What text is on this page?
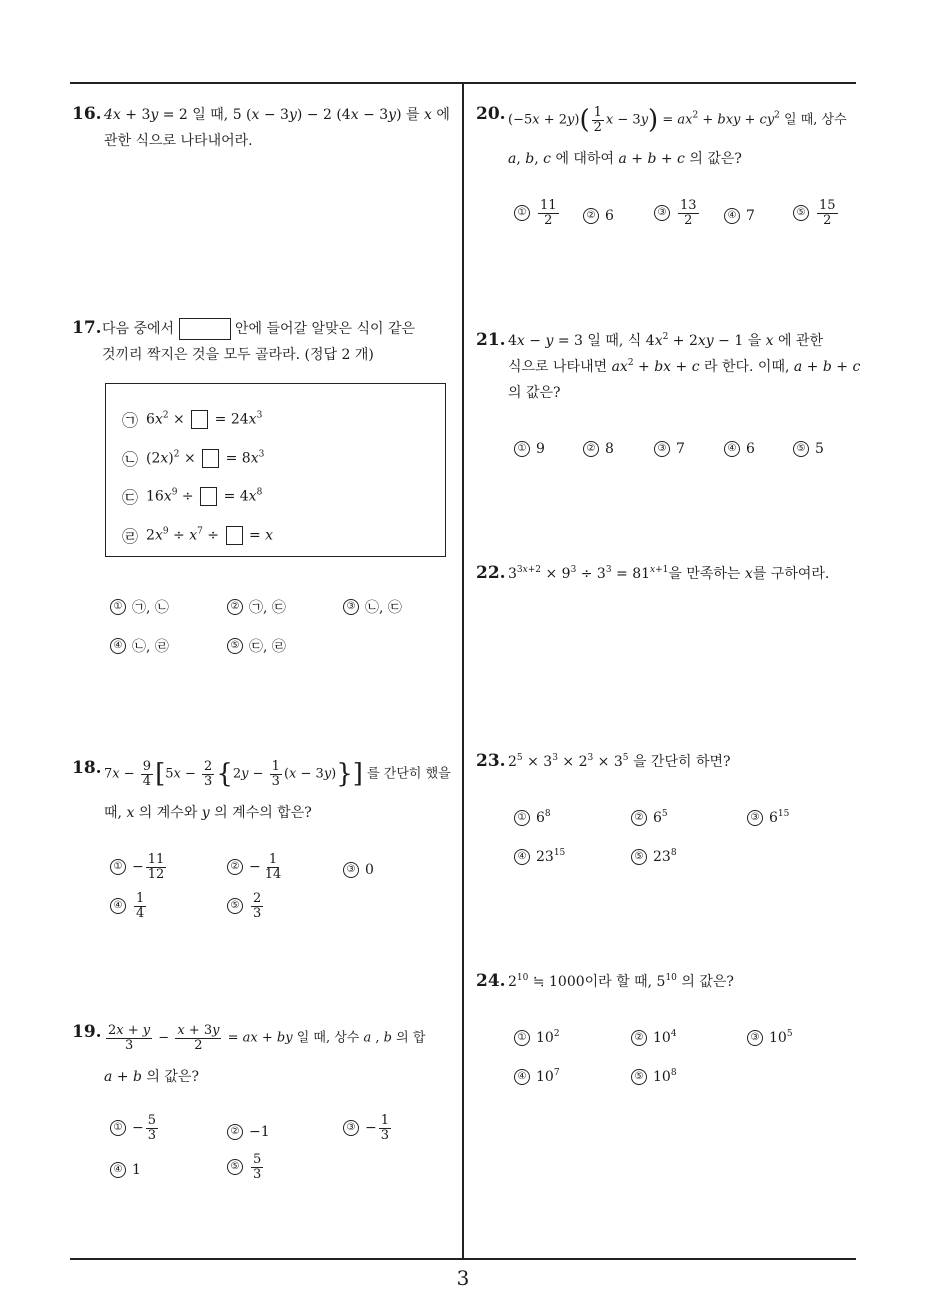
16. 4x + 3y = 2 일 때, 5 (x − 3y) − 2 (4x − 3y) 를 x 에
관한 식으로 나타내어라.
17. 다음 중에서	안에 들어갈 알맞은 식이 같은
것끼리 짝지은 것을 모두 골라라. (정답 2 개)
㉠ $6x^2$ ×  = $24x^3$
㉡ $(2x)^2$ ×  = $8x^3$
㉢ $16x^9$ ÷  = $4x^8$
㉣ $2x^9 \div x^7$ ÷  = x
① ㉠, ㉡	② ㉠, ㉢	③ ㉡, ㉢
④ ㉡, ㉣	⑤ ㉢, ㉣
18. $7x - \frac{9}{4} [5x - \frac{2}{3} \{2y - \frac{1}{3} (x - 3y)\}]$ 를 간단히 했을
때, x 의 계수와 y 의 계수의 합은?
① − $\frac{11}{12}$	② − $\frac{1}{14}$	③ 0
④ $\frac{1}{4}$	⑤ $\frac{2}{3}$
19. $\frac{2x + y}{3} - \frac{x + 3y}{2}$ = ax + by 일 때, 상수 a , b 의 합
a + b 의 값은?
① − $\frac{5}{3}$	② −1	③ − $\frac{1}{3}$
④ 1	⑤ $\frac{5}{3}$
20. $(-5x + 2y)( \frac{1}{2}$ $x - 3y) = ax^2$ + bxy + $cy^2$ 일 때, 상수
a, b, c 에 대하여 a + b + c 의 값은?
① $\frac{11}{2}$	② 6	③ $\frac{13}{2}$	④ 7	⑤ $\frac{15}{2}$
21. 4x − y = 3 일 때, 식 $4x^2 + 2xy - 1$ 을 x 에 관한
식으로 나타내면 $ax^2$ + bx + c 라 한다. 이때, a + b + c
의 값은?
① 9	② 8	③ 7	④ 6	⑤ 5
22. $3^{3x+2} \times 9^3 \div 3^3 = 81^{x+1}$을 만족하는 x를 구하여라.
23. $2^5 \times 3^3 \times 2^3 \times 3^5$ 을 간단히 하면?
① $6^8$	② $6^5$	③ $6^{15}$
④ $23^{15}$	⑤ $23^8$
24. $2^{10}$ ≒ 1000이라 할 때, $5^{10}$ 의 값은?
① $10^2$	② $10^4$	③ $10^5$
④ $10^7$	⑤ $10^8$
3
